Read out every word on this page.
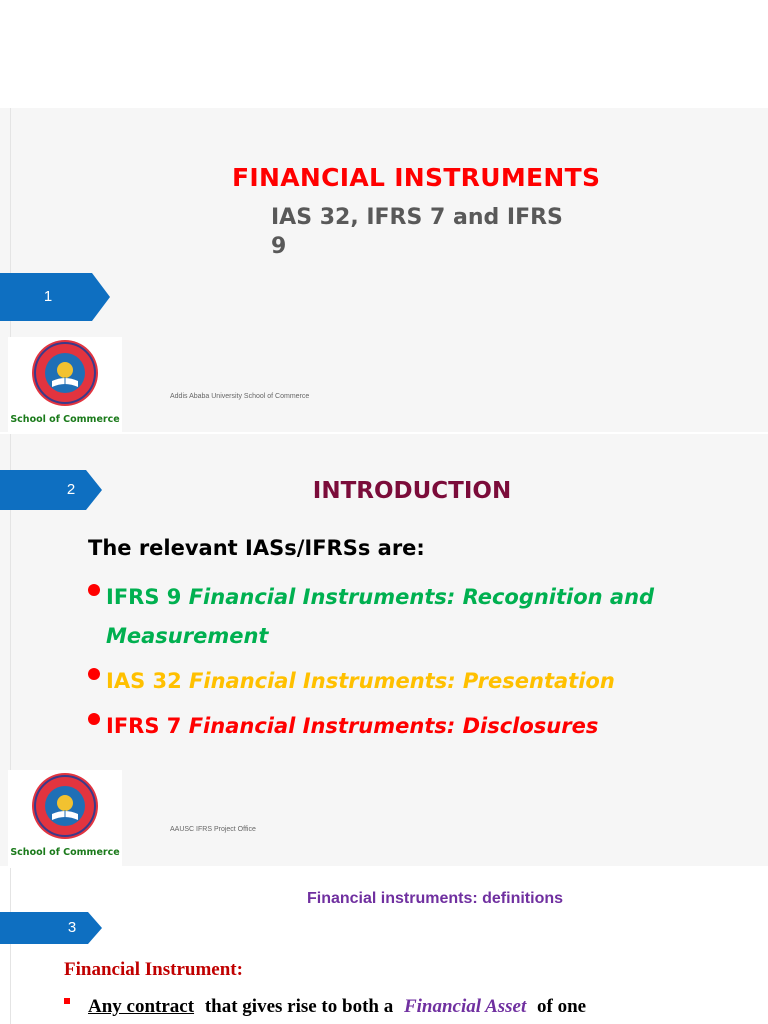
FINANCIAL INSTRUMENTS
IAS 32, IFRS 7 and IFRS
9
1
School of Commerce
Addis Ababa University School of Commerce
2	INTRODUCTION
The relevant IASs/IFRSs are:
IFRS 9 Financial Instruments: Recognition and
Measurement
IAS 32 Financial Instruments: Presentation
IFRS 7 Financial Instruments: Disclosures
School of Commerce
AAUSC IFRS Project Office
Financial instruments: definitions
3
Financial Instrument:
Any contract that gives rise to both a Financial Asset of one
